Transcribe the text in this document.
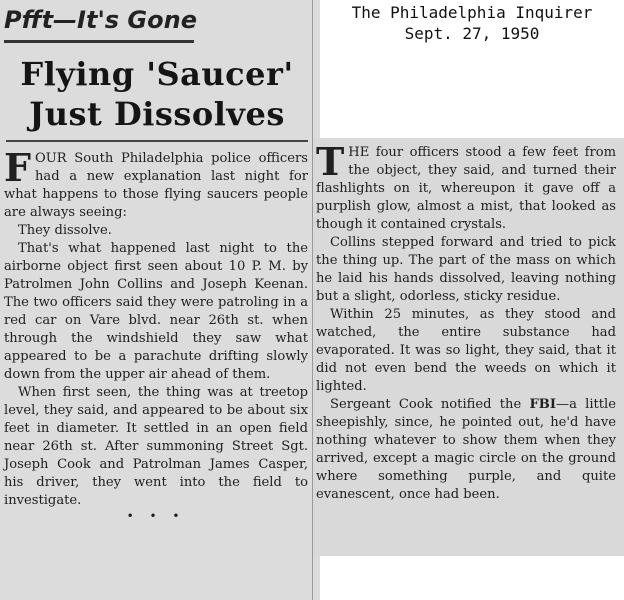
The Philadelphia Inquirer
Sept. 27, 1950
Pfft—It's Gone
Flying 'Saucer'
Just Dissolves

FOUR South Philadelphia police officers had a new explanation last night for what happens to those flying saucers people are always seeing:

They dissolve.

That's what happened last night to the airborne object first seen about 10 P. M. by Patrolmen John Collins and Joseph Keenan. The two officers said they were patroling in a red car on Vare blvd. near 26th st. when through the windshield they saw what appeared to be a parachute drifting slowly down from the upper air ahead of them.

When first seen, the thing was at treetop level, they said, and appeared to be about six feet in diameter. It settled in an open field near 26th st. After summoning Street Sgt. Joseph Cook and Patrolman James Casper, his driver, they went into the field to investigate.

• • •

THE four officers stood a few feet from the object, they said, and turned their flashlights on it, whereupon it gave off a purplish glow, almost a mist, that looked as though it contained crystals.

Collins stepped forward and tried to pick the thing up. The part of the mass on which he laid his hands dissolved, leaving nothing but a slight, odorless, sticky residue.

Within 25 minutes, as they stood and watched, the entire substance had evaporated. It was so light, they said, that it did not even bend the weeds on which it lighted.

Sergeant Cook notified the FBI—a little sheepishly, since, he pointed out, he'd have nothing whatever to show them when they arrived, except a magic circle on the ground where something purple, and quite evanescent, once had been.
